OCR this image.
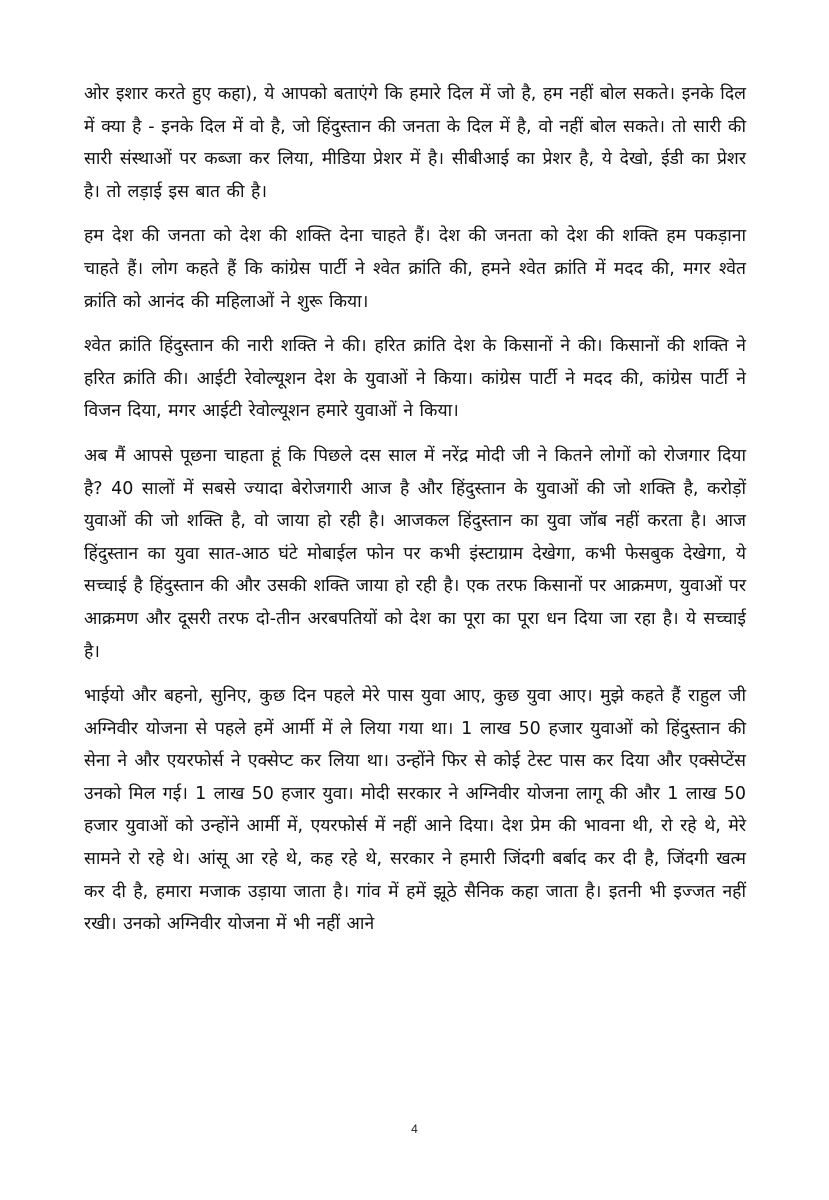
ओर इशार करते हुए कहा), ये आपको बताएंगे कि हमारे दिल में जो है, हम नहीं बोल सकते। इनके दिल में क्या है - इनके दिल में वो है, जो हिंदुस्तान की जनता के दिल में है, वो नहीं बोल सकते। तो सारी की सारी संस्थाओं पर कब्जा कर लिया, मीडिया प्रेशर में है। सीबीआई का प्रेशर है, ये देखो, ईडी का प्रेशर है। तो लड़ाई इस बात की है।

हम देश की जनता को देश की शक्ति देना चाहते हैं। देश की जनता को देश की शक्ति हम पकड़ाना चाहते हैं। लोग कहते हैं कि कांग्रेस पार्टी ने श्वेत क्रांति की, हमने श्वेत क्रांति में मदद की, मगर श्वेत क्रांति को आनंद की महिलाओं ने शुरू किया।

श्वेत क्रांति हिंदुस्तान की नारी शक्ति ने की। हरित क्रांति देश के किसानों ने की। किसानों की शक्ति ने हरित क्रांति की। आईटी रेवोल्यूशन देश के युवाओं ने किया। कांग्रेस पार्टी ने मदद की, कांग्रेस पार्टी ने विजन दिया, मगर आईटी रेवोल्यूशन हमारे युवाओं ने किया।

अब मैं आपसे पूछना चाहता हूं कि पिछले दस साल में नरेंद्र मोदी जी ने कितने लोगों को रोजगार दिया है? 40 सालों में सबसे ज्यादा बेरोजगारी आज है और हिंदुस्तान के युवाओं की जो शक्ति है, करोड़ों युवाओं की जो शक्ति है, वो जाया हो रही है। आजकल हिंदुस्तान का युवा जॉब नहीं करता है। आज हिंदुस्तान का युवा सात-आठ घंटे मोबाईल फोन पर कभी इंस्टाग्राम देखेगा, कभी फेसबुक देखेगा, ये सच्चाई है हिंदुस्तान की और उसकी शक्ति जाया हो रही है। एक तरफ किसानों पर आक्रमण, युवाओं पर आक्रमण और दूसरी तरफ दो-तीन अरबपतियों को देश का पूरा का पूरा धन दिया जा रहा है। ये सच्चाई है।

भाईयो और बहनो, सुनिए, कुछ दिन पहले मेरे पास युवा आए, कुछ युवा आए। मुझे कहते हैं राहुल जी अग्निवीर योजना से पहले हमें आर्मी में ले लिया गया था। 1 लाख 50 हजार युवाओं को हिंदुस्तान की सेना ने और एयरफोर्स ने एक्सेप्ट कर लिया था। उन्होंने फिर से कोई टेस्ट पास कर दिया और एक्सेप्टेंस उनको मिल गई। 1 लाख 50 हजार युवा। मोदी सरकार ने अग्निवीर योजना लागू की और 1 लाख 50 हजार युवाओं को उन्होंने आर्मी में, एयरफोर्स में नहीं आने दिया। देश प्रेम की भावना थी, रो रहे थे, मेरे सामने रो रहे थे। आंसू आ रहे थे, कह रहे थे, सरकार ने हमारी जिंदगी बर्बाद कर दी है, जिंदगी खत्म कर दी है, हमारा मजाक उड़ाया जाता है। गांव में हमें झूठे सैनिक कहा जाता है। इतनी भी इज्जत नहीं रखी। उनको अग्निवीर योजना में भी नहीं आने

4
